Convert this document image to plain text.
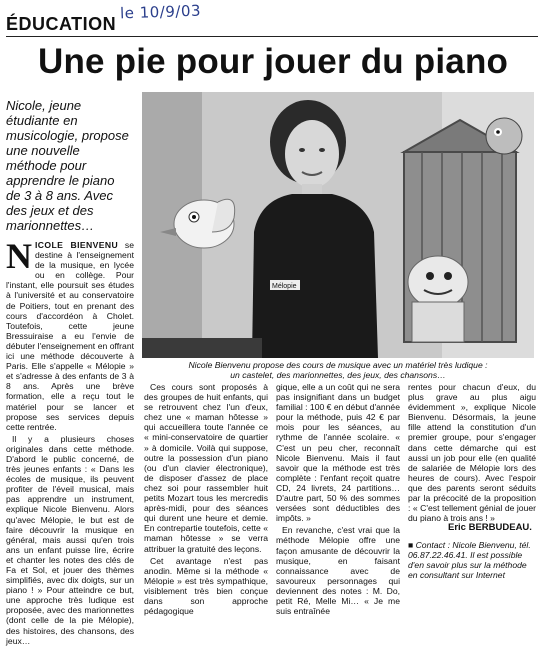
le 10/9/03
ÉDUCATION
Une pie pour jouer du piano
Nicole, jeune étudiante en musicologie, propose une nouvelle méthode pour apprendre le piano de 3 à 8 ans. Avec des jeux et des marionnettes…
Mélopie
Nicole Bienvenu propose des cours de musique avec un matériel très ludique :
un castelet, des marionnettes, des jeux, des chansons…

NICOLE BIENVENU se destine à l'enseignement de la musique, en lycée ou en collège. Pour l'instant, elle poursuit ses études à l'université et au conservatoire de Poitiers, tout en prenant des cours d'accordéon à Cholet. Toutefois, cette jeune Bressuiraise a eu l'envie de débuter l'enseignement en offrant ici une méthode découverte à Paris. Elle s'appelle « Mélopie » et s'adresse à des enfants de 3 à 8 ans. Après une brève formation, elle a reçu tout le matériel pour se lancer et propose ses services depuis cette rentrée.

Il y a plusieurs choses originales dans cette méthode. D'abord le public concerné, de très jeunes enfants : « Dans les écoles de musique, ils peuvent profiter de l'éveil musical, mais pas apprendre un instrument, explique Nicole Bienvenu. Alors qu'avec Mélopie, le but est de faire découvrir la musique en général, mais aussi qu'en trois ans un enfant puisse lire, écrire et chanter les notes des clés de Fa et Sol, et jouer des thèmes simplifiés, avec dix doigts, sur un piano ! » Pour atteindre ce but, une approche très ludique est proposée, avec des marionnettes (dont celle de la pie Mélopie), des histoires, des chansons, des jeux…

Ces cours sont proposés à des groupes de huit enfants, qui se retrouvent chez l'un d'eux, chez une « maman hôtesse » qui accueillera toute l'année ce « mini-conservatoire de quartier » à domicile. Voilà qui suppose, outre la possession d'un piano (ou d'un clavier électronique), de disposer d'assez de place chez soi pour rassembler huit petits Mozart tous les mercredis après-midi, pour des séances qui durent une heure et demie. En contrepartie toutefois, cette « maman hôtesse » se verra attribuer la gratuité des leçons.

Cet avantage n'est pas anodin. Même si la méthode « Mélopie » est très sympathique, visiblement très bien conçue dans son approche pédagogique

gique, elle a un coût qui ne sera pas insignifiant dans un budget familial : 100 € en début d'année pour la méthode, puis 42 € par mois pour les séances, au rythme de l'année scolaire. « C'est un peu cher, reconnaît Nicole Bienvenu. Mais il faut savoir que la méthode est très complète : l'enfant reçoit quatre CD, 24 livrets, 24 partitions… D'autre part, 50 % des sommes versées sont déductibles des impôts. »

En revanche, c'est vrai que la méthode Mélopie offre une façon amusante de découvrir la musique, en faisant connaissance avec de savoureux personnages qui deviennent des notes : M. Do, petit Ré, Melle Mi… « Je me suis entraînée

rentes pour chacun d'eux, du plus grave au plus aigu évidemment », explique Nicole Bienvenu. Désormais, la jeune fille attend la constitution d'un premier groupe, pour s'engager dans cette démarche qui est aussi un job pour elle (en qualité de salariée de Mélopie lors des heures de cours). Avec l'espoir que des parents seront séduits par la précocité de la proposition : « C'est tellement génial de jouer du piano à trois ans ! »

Eric BERBUDEAU.
■ Contact : Nicole Bienvenu, tél. 06.87.22.46.41. Il est possible d'en savoir plus sur la méthode en consultant sur Internet
